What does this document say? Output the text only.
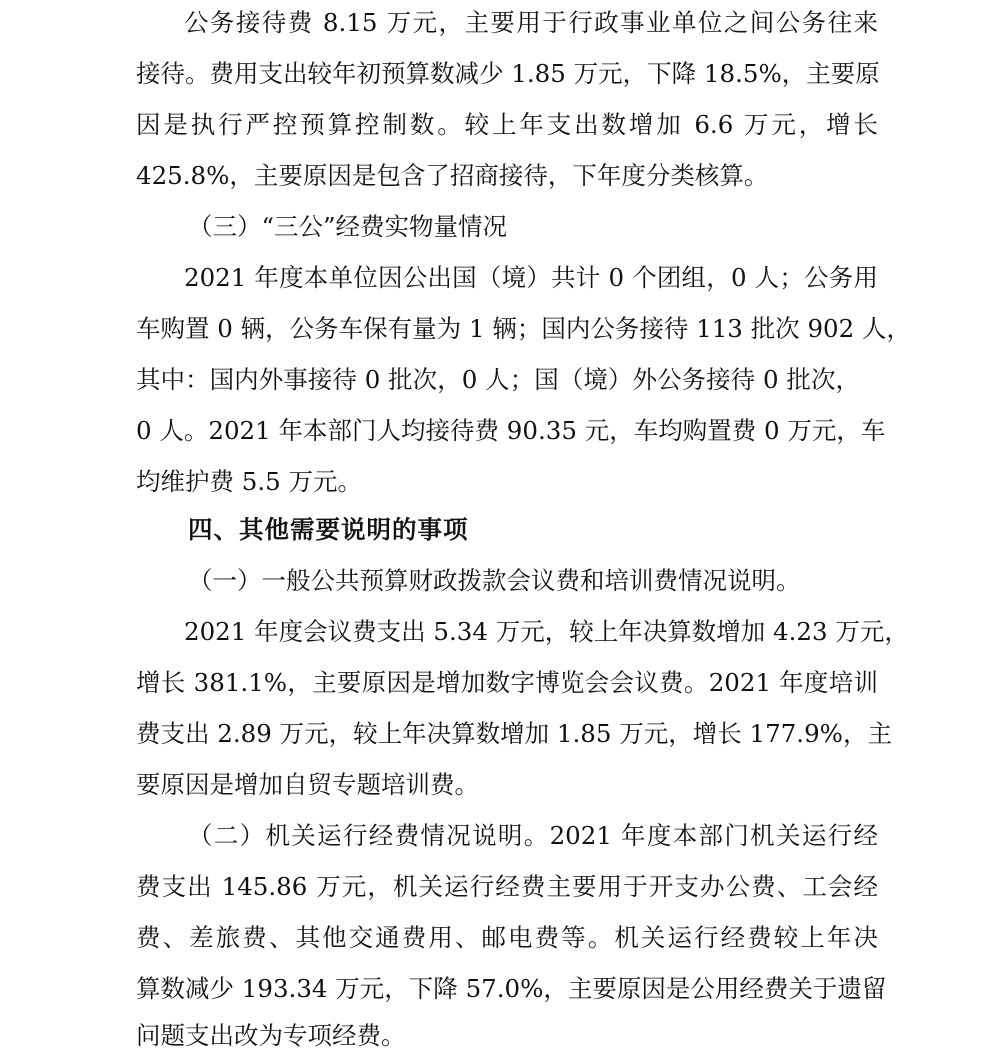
公务接待费 8.15 万元，主要用于行政事业单位之间公务往来
接待。费用支出较年初预算数减少 1.85 万元，下降 18.5%，主要原
因是执行严控预算控制数。较上年支出数增加 6.6 万元，增长
425.8%，主要原因是包含了招商接待，下年度分类核算。
（三）“三公”经费实物量情况
2021 年度本单位因公出国（境）共计 0 个团组，0 人；公务用
车购置 0 辆，公务车保有量为 1 辆；国内公务接待 113 批次 902 人，
其中：国内外事接待 0 批次，0 人；国（境）外公务接待 0 批次，
0 人。2021 年本部门人均接待费 90.35 元，车均购置费 0 万元，车
均维护费 5.5 万元。
四、其他需要说明的事项
（一）一般公共预算财政拨款会议费和培训费情况说明。
2021 年度会议费支出 5.34 万元，较上年决算数增加 4.23 万元，
增长 381.1%，主要原因是增加数字博览会会议费。2021 年度培训
费支出 2.89 万元，较上年决算数增加 1.85 万元，增长 177.9%，主
要原因是增加自贸专题培训费。
（二）机关运行经费情况说明。2021 年度本部门机关运行经
费支出 145.86 万元，机关运行经费主要用于开支办公费、工会经
费、差旅费、其他交通费用、邮电费等。机关运行经费较上年决
算数减少 193.34 万元，下降 57.0%，主要原因是公用经费关于遗留
问题支出改为专项经费。
